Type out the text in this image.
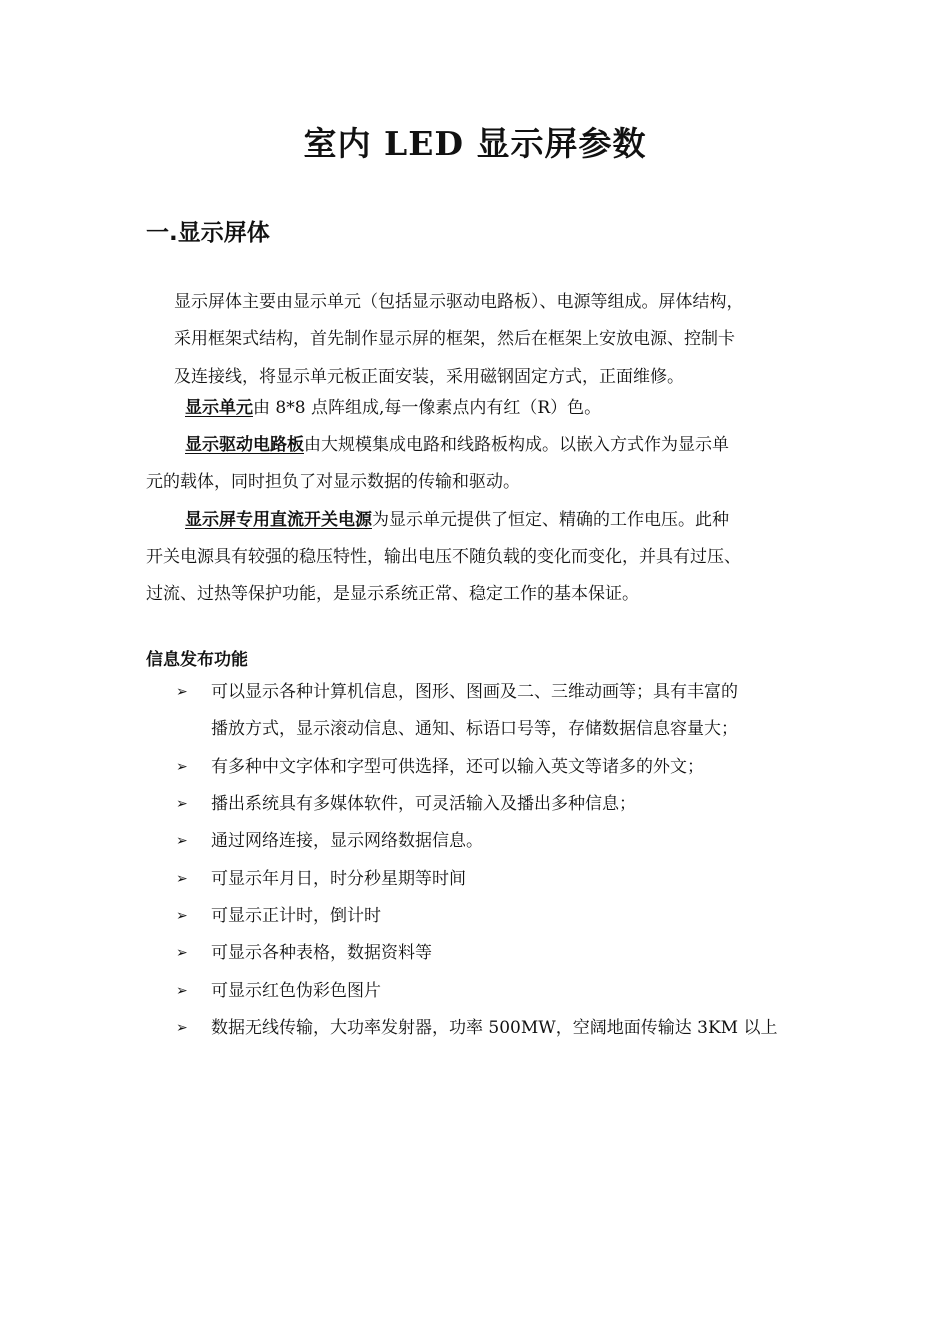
室内 LED 显示屏参数
一.显示屏体
显示屏体主要由显示单元（包括显示驱动电路板）、电源等组成。屏体结构，
采用框架式结构，首先制作显示屏的框架，然后在框架上安放电源、控制卡
及连接线，将显示单元板正面安装，采用磁钢固定方式，正面维修。
显示单元由 8*8 点阵组成,每一像素点内有红（R）色。
显示驱动电路板由大规模集成电路和线路板构成。以嵌入方式作为显示单
元的载体，同时担负了对显示数据的传输和驱动。
显示屏专用直流开关电源为显示单元提供了恒定、精确的工作电压。此种
开关电源具有较强的稳压特性，输出电压不随负载的变化而变化，并具有过压、
过流、过热等保护功能，是显示系统正常、稳定工作的基本保证。
信息发布功能
➢ 可以显示各种计算机信息，图形、图画及二、三维动画等；具有丰富的
播放方式，显示滚动信息、通知、标语口号等，存储数据信息容量大；
➢ 有多种中文字体和字型可供选择，还可以输入英文等诸多的外文；
➢ 播出系统具有多媒体软件，可灵活输入及播出多种信息；
➢ 通过网络连接，显示网络数据信息。
➢ 可显示年月日，时分秒星期等时间
➢ 可显示正计时，倒计时
➢ 可显示各种表格，数据资料等
➢ 可显示红色伪彩色图片
➢ 数据无线传输，大功率发射器，功率 500MW，空阔地面传输达 3KM 以上
